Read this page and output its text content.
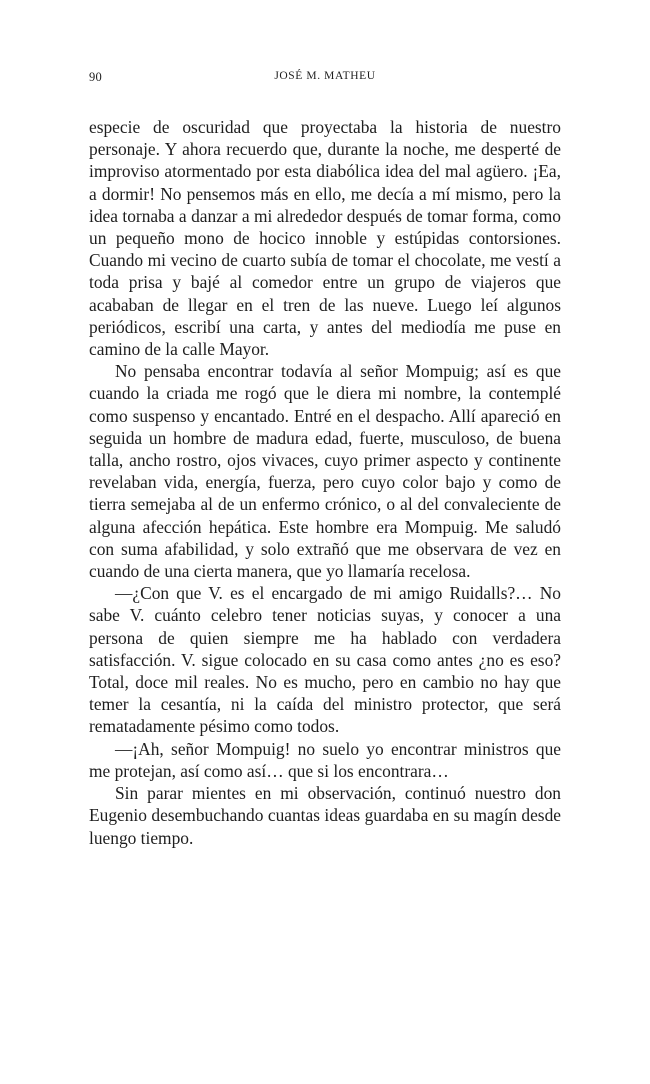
90	JOSÉ M. MATHEU

especie de oscuridad que proyectaba la historia de nuestro personaje. Y ahora recuerdo que, durante la noche, me desperté de improviso atormentado por esta diabólica idea del mal agüero. ¡Ea, a dormir! No pensemos más en ello, me decía a mí mismo, pero la idea tornaba a danzar a mi alrededor después de tomar forma, como un pequeño mono de hocico innoble y estúpidas contorsiones. Cuando mi vecino de cuarto subía de tomar el chocolate, me vestí a toda prisa y bajé al comedor entre un grupo de viajeros que acababan de llegar en el tren de las nueve. Luego leí algunos periódicos, escribí una carta, y antes del mediodía me puse en camino de la calle Mayor.

No pensaba encontrar todavía al señor Mompuig; así es que cuando la criada me rogó que le diera mi nombre, la contemplé como suspenso y encantado. Entré en el despacho. Allí apareció en seguida un hombre de madura edad, fuerte, musculoso, de buena talla, ancho rostro, ojos vivaces, cuyo primer aspecto y continente revelaban vida, energía, fuerza, pero cuyo color bajo y como de tierra semejaba al de un enfermo crónico, o al del convaleciente de alguna afección hepática. Este hombre era Mompuig. Me saludó con suma afabilidad, y solo extrañó que me observara de vez en cuando de una cierta manera, que yo llamaría recelosa.

—¿Con que V. es el encargado de mi amigo Ruidalls?… No sabe V. cuánto celebro tener noticias suyas, y conocer a una persona de quien siempre me ha hablado con verdadera satisfacción. V. sigue colocado en su casa como antes ¿no es eso? Total, doce mil reales. No es mucho, pero en cambio no hay que temer la cesantía, ni la caída del ministro protector, que será rematadamente pésimo como todos.

—¡Ah, señor Mompuig! no suelo yo encontrar ministros que me protejan, así como así… que si los encontrara…

Sin parar mientes en mi observación, continuó nuestro don Eugenio desembuchando cuantas ideas guardaba en su magín desde luengo tiempo.
